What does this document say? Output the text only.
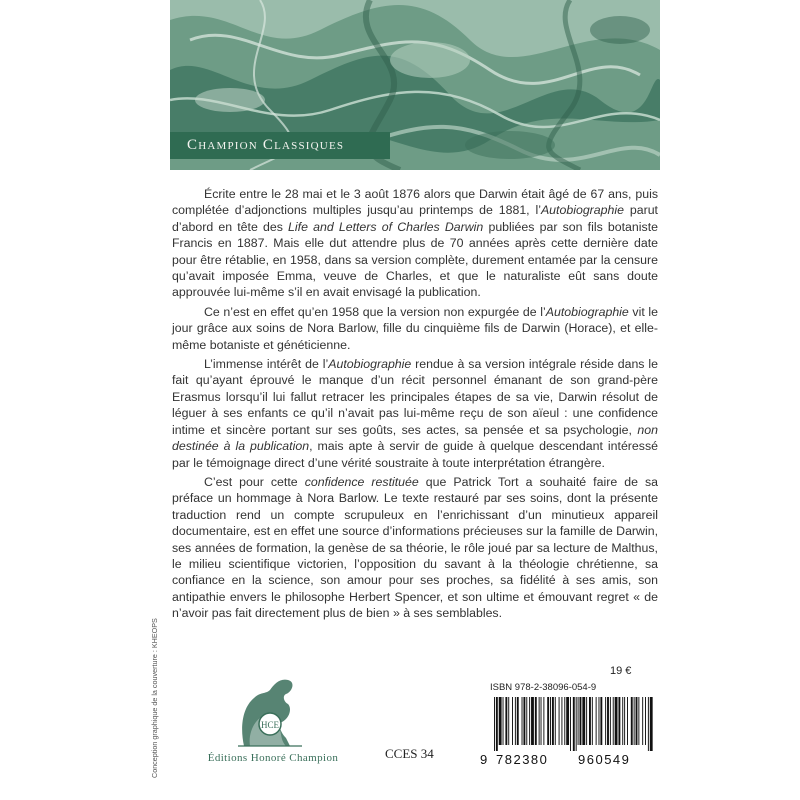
Champion Classiques

Écrite entre le 28 mai et le 3 août 1876 alors que Darwin était âgé de 67 ans, puis complétée d’adjonctions multiples jusqu’au printemps de 1881, l’Autobiographie parut d’abord en tête des Life and Letters of Charles Darwin publiées par son fils botaniste Francis en 1887. Mais elle dut attendre plus de 70 années après cette dernière date pour être rétablie, en 1958, dans sa version complète, durement entamée par la censure qu’avait imposée Emma, veuve de Charles, et que le naturaliste eût sans doute approuvée lui-même s’il en avait envisagé la publication.

Ce n’est en effet qu’en 1958 que la version non expurgée de l’Autobiographie vit le jour grâce aux soins de Nora Barlow, fille du cinquième fils de Darwin (Horace), et elle-même botaniste et généticienne.

L’immense intérêt de l’Autobiographie rendue à sa version intégrale réside dans le fait qu’ayant éprouvé le manque d’un récit personnel émanant de son grand-père Erasmus lorsqu’il lui fallut retracer les principales étapes de sa vie, Darwin résolut de léguer à ses enfants ce qu’il n’avait pas lui-même reçu de son aïeul : une confidence intime et sincère portant sur ses goûts, ses actes, sa pensée et sa psychologie, non destinée à la publication, mais apte à servir de guide à quelque descendant intéressé par le témoignage direct d’une vérité soustraite à toute interprétation étrangère.

C’est pour cette confidence restituée que Patrick Tort a souhaité faire de sa préface un hommage à Nora Barlow. Le texte restauré par ses soins, dont la présente traduction rend un compte scrupuleux en l’enrichissant d’un minutieux appareil documentaire, est en effet une source d’informations précieuses sur la famille de Darwin, ses années de formation, la genèse de sa théorie, le rôle joué par sa lecture de Malthus, le milieu scientifique victorien, l’opposition du savant à la théologie chrétienne, sa confiance en la science, son amour pour ses proches, sa fidélité à ses amis, son antipathie envers le philosophe Herbert Spencer, et son ultime et émouvant regret « de n’avoir pas fait directement plus de bien » à ses semblables.

Conception graphique de la couverture : KHEOPS	HCE
Éditions Honoré Champion	CCES 34
19 €
ISBN 978-2-38096-054-9
9 782380 960549
